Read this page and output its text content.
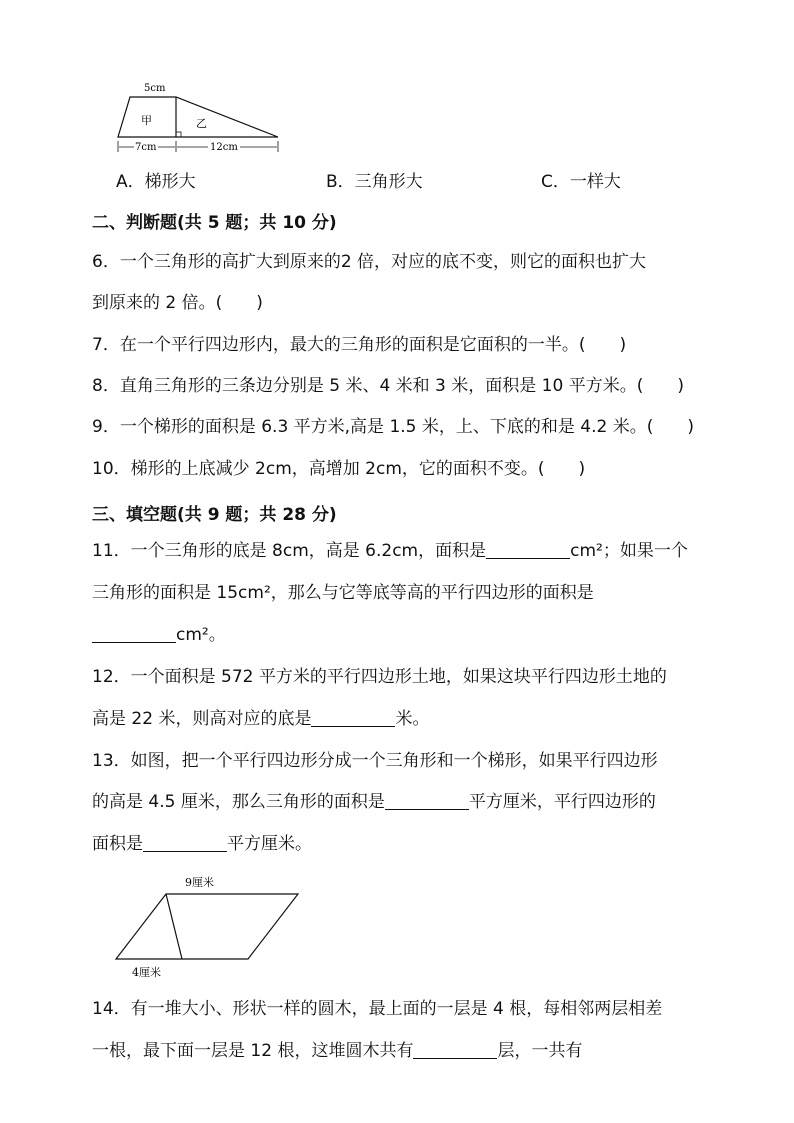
5cm
甲	乙
7cm	12cm
A．梯形大	B．三角形大	C．一样大
二、判断题(共 5 题；共 10 分)
6．一个三角形的高扩大到原来的2 倍，对应的底不变，则它的面积也扩大
到原来的 2 倍。(　　)
7．在一个平行四边形内，最大的三角形的面积是它面积的一半。(　　)
8．直角三角形的三条边分别是 5 米、4 米和 3 米，面积是 10 平方米。(　　)
9．一个梯形的面积是 6.3 平方米,高是 1.5 米，上、下底的和是 4.2 米。(　　)
10．梯形的上底减少 2cm，高增加 2cm，它的面积不变。(　　)
三、填空题(共 9 题；共 28 分)
11．一个三角形的底是 8cm，高是 6.2cm，面积是	cm²；如果一个
三角形的面积是 15cm²，那么与它等底等高的平行四边形的面积是
cm²。
12．一个面积是 572 平方米的平行四边形土地，如果这块平行四边形土地的
高是 22 米，则高对应的底是	米。
13．如图，把一个平行四边形分成一个三角形和一个梯形，如果平行四边形
的高是 4.5 厘米，那么三角形的面积是	平方厘米，平行四边形的
面积是	平方厘米。
9厘米
4厘米
14．有一堆大小、形状一样的圆木，最上面的一层是 4 根，每相邻两层相差
一根，最下面一层是 12 根，这堆圆木共有	层，一共有
